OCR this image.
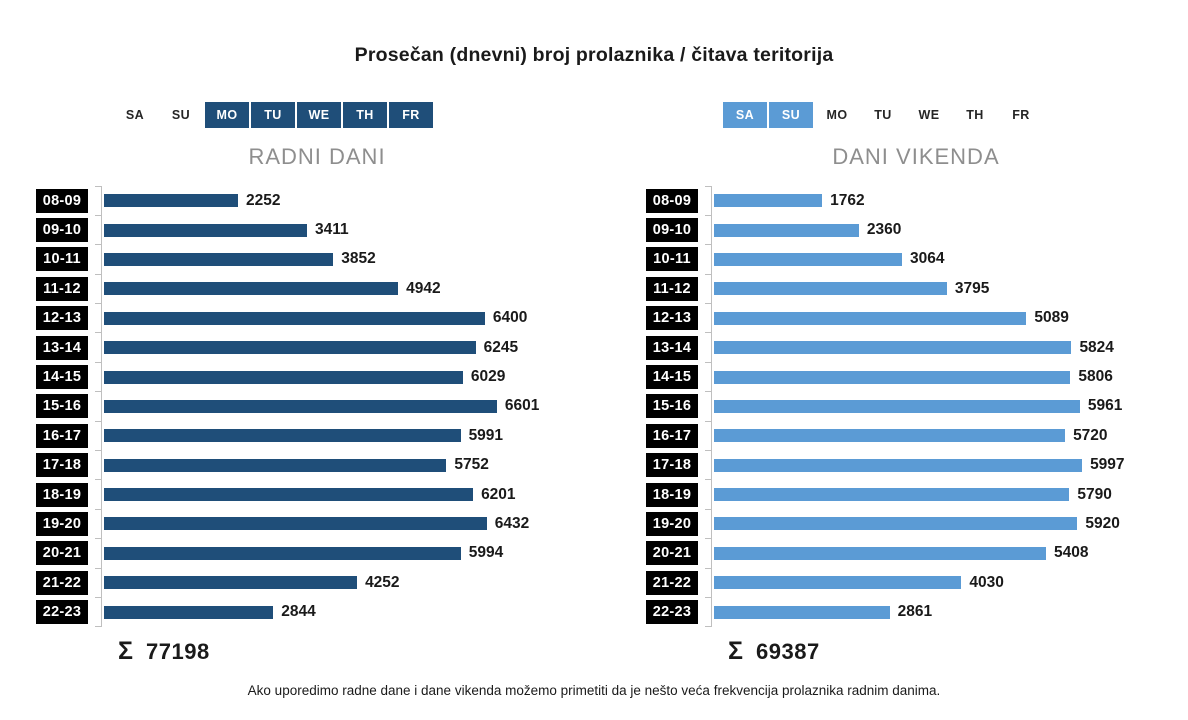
Prosečan (dnevni) broj prolaznika / čitava teritorija
SA	SU	MO	TU	WE	TH	FR
RADNI DANI
08-09	2252
09-10	3411
10-11	3852
11-12	4942
12-13	6400
13-14	6245
14-15	6029
15-16	6601
16-17	5991
17-18	5752
18-19	6201
19-20	6432
20-21	5994
21-22	4252
22-23	2844
Σ 77198
SA	SU	MO	TU	WE	TH	FR
DANI VIKENDA
08-09	1762
09-10	2360
10-11	3064
11-12	3795
12-13	5089
13-14	5824
14-15	5806
15-16	5961
16-17	5720
17-18	5997
18-19	5790
19-20	5920
20-21	5408
21-22	4030
22-23	2861
Σ 69387
Ako uporedimo radne dane i dane vikenda možemo primetiti da je nešto veća frekvencija prolaznika radnim danima.
